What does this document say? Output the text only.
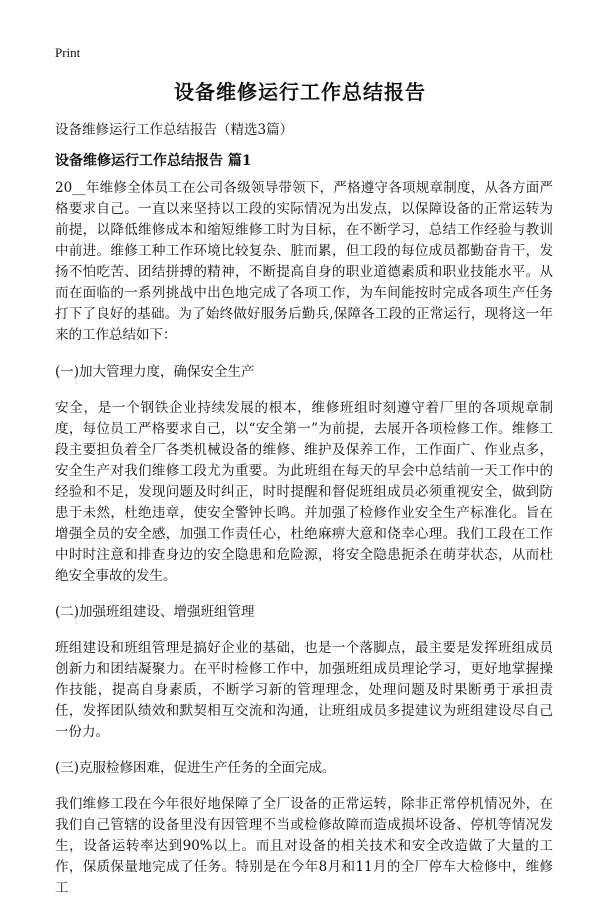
Print
设备维修运行工作总结报告

设备维修运行工作总结报告（精选3篇）

设备维修运行工作总结报告 篇1

20__年维修全体员工在公司各级领导带领下，严格遵守各项规章制度，从各方面严格要求自己。一直以来坚持以工段的实际情况为出发点，以保障设备的正常运转为前提，以降低维修成本和缩短维修工时为目标，在不断学习，总结工作经验与教训中前进。维修工种工作环境比较复杂、脏而累，但工段的每位成员都勤奋肯干，发扬不怕吃苦、团结拼搏的精神，不断提高自身的职业道德素质和职业技能水平。从而在面临的一系列挑战中出色地完成了各项工作，为车间能按时完成各项生产任务打下了良好的基础。为了始终做好服务后勤兵,保障各工段的正常运行，现将这一年来的工作总结如下：

(一)加大管理力度，确保安全生产

安全，是一个钢铁企业持续发展的根本，维修班组时刻遵守着厂里的各项规章制度，每位员工严格要求自己，以“安全第一”为前提，去展开各项检修工作。维修工段主要担负着全厂各类机械设备的维修、维护及保养工作，工作面广、作业点多，安全生产对我们维修工段尤为重要。为此班组在每天的早会中总结前一天工作中的经验和不足，发现问题及时纠正，时时提醒和督促班组成员必须重视安全，做到防患于未然，杜绝违章，使安全警钟长鸣。并加强了检修作业安全生产标准化。旨在增强全员的安全感，加强工作责任心，杜绝麻痹大意和侥幸心理。我们工段在工作中时时注意和排查身边的安全隐患和危险源，将安全隐患扼杀在萌芽状态，从而杜绝安全事故的发生。

(二)加强班组建设、增强班组管理

班组建设和班组管理是搞好企业的基础，也是一个落脚点，最主要是发挥班组成员创新力和团结凝聚力。在平时检修工作中，加强班组成员理论学习，更好地掌握操作技能，提高自身素质，不断学习新的管理理念，处理问题及时果断勇于承担责任，发挥团队绩效和默契相互交流和沟通，让班组成员多提建议为班组建设尽自己一份力。

(三)克服检修困难，促进生产任务的全面完成。

我们维修工段在今年很好地保障了全厂设备的正常运转，除非正常停机情况外，在我们自己管辖的设备里没有因管理不当或检修故障而造成损坏设备、停机等情况发生，设备运转率达到90%以上。而且对设备的相关技术和安全改造做了大量的工作，保质保量地完成了任务。特别是在今年8月和11月的全厂停车大检修中，维修工
